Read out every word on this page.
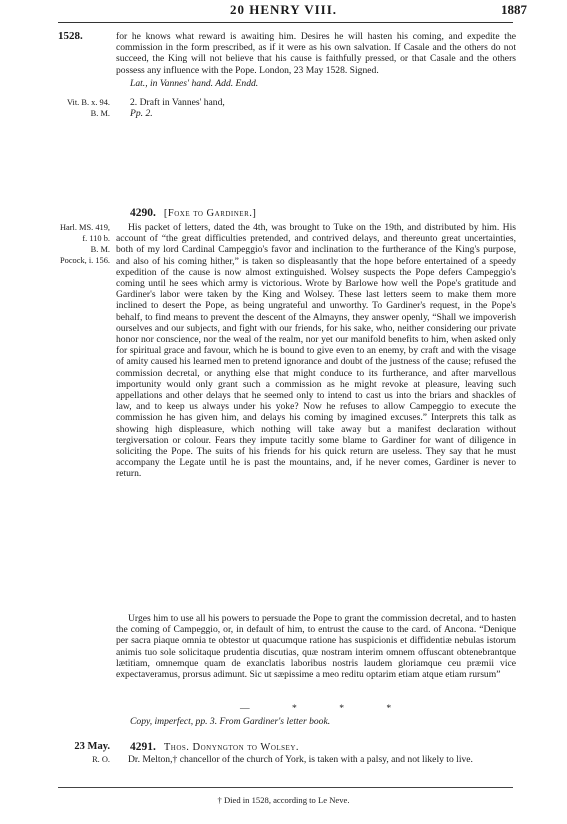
20 HENRY VIII.	1887
1528.	for he knows what reward is awaiting him. Desires he will hasten his coming, and expedite the commission in the form prescribed, as if it were as his own salvation. If Casale and the others do not succeed, the King will not believe that his cause is faithfully pressed, or that Casale and the others possess any influence with the Pope. London, 23 May 1528. Signed.

Lat., in Vannes' hand. Add. Endd.
Vit. B. x. 94.
B. M.
2. Draft in Vannes' hand,
Pp. 2.
4290. [Foxe to Gardiner.]
Harl. MS. 419,
f. 110 b.
B. M.
Pocock, i. 156.

His packet of letters, dated the 4th, was brought to Tuke on the 19th, and distributed by him. His account of “the great difficulties pretended, and contrived delays, and thereunto great uncertainties, both of my lord Cardinal Campeggio's favor and inclination to the furtherance of the King's purpose, and also of his coming hither,” is taken so displeasantly that the hope before entertained of a speedy expedition of the cause is now almost extinguished. Wolsey suspects the Pope defers Campeggio's coming until he sees which army is victorious. Wrote by Barlowe how well the Pope's gratitude and Gardiner's labor were taken by the King and Wolsey. These last letters seem to make them more inclined to desert the Pope, as being ungrateful and unworthy. To Gardiner's request, in the Pope's behalf, to find means to prevent the descent of the Almayns, they answer openly, “Shall we impoverish ourselves and our subjects, and fight with our friends, for his sake, who, neither considering our private honor nor conscience, nor the weal of the realm, nor yet our manifold benefits to him, when asked only for spiritual grace and favour, which he is bound to give even to an enemy, by craft and with the visage of amity caused his learned men to pretend ignorance and doubt of the justness of the cause; refused the commission decretal, or anything else that might conduce to its furtherance, and after marvellous importunity would only grant such a commission as he might revoke at pleasure, leaving such appellations and other delays that he seemed only to intend to cast us into the briars and shackles of law, and to keep us always under his yoke? Now he refuses to allow Campeggio to execute the commission he has given him, and delays his coming by imagined excuses.” Interprets this talk as showing high displeasure, which nothing will take away but a manifest declaration without tergiversation or colour. Fears they impute tacitly some blame to Gardiner for want of diligence in soliciting the Pope. The suits of his friends for his quick return are useless. They say that he must accompany the Legate until he is past the mountains, and, if he never comes, Gardiner is never to return.

Urges him to use all his powers to persuade the Pope to grant the commission decretal, and to hasten the coming of Campeggio, or, in default of him, to entrust the cause to the card. of Ancona. “Denique per sacra piaque omnia te obtestor ut quacumque ratione has suspicionis et diffidentiæ nebulas istorum animis tuo sole solicitaque prudentia discutias, quæ nostram interim omnem offuscant obtenebrantque lætitiam, omnemque quam de exanclatis laboribus nostris laudem gloriamque ceu præmii vice expectaveramus, prorsus adimunt. Sic ut sæpissime a meo reditu optarim etiam atque etiam rursum”

— * * *
Copy, imperfect, pp. 3. From Gardiner's letter book.
23 May.
R. O.
4291. Thos. Donyngton to Wolsey.

Dr. Melton,† chancellor of the church of York, is taken with a palsy, and not likely to live.

† Died in 1528, according to Le Neve.
